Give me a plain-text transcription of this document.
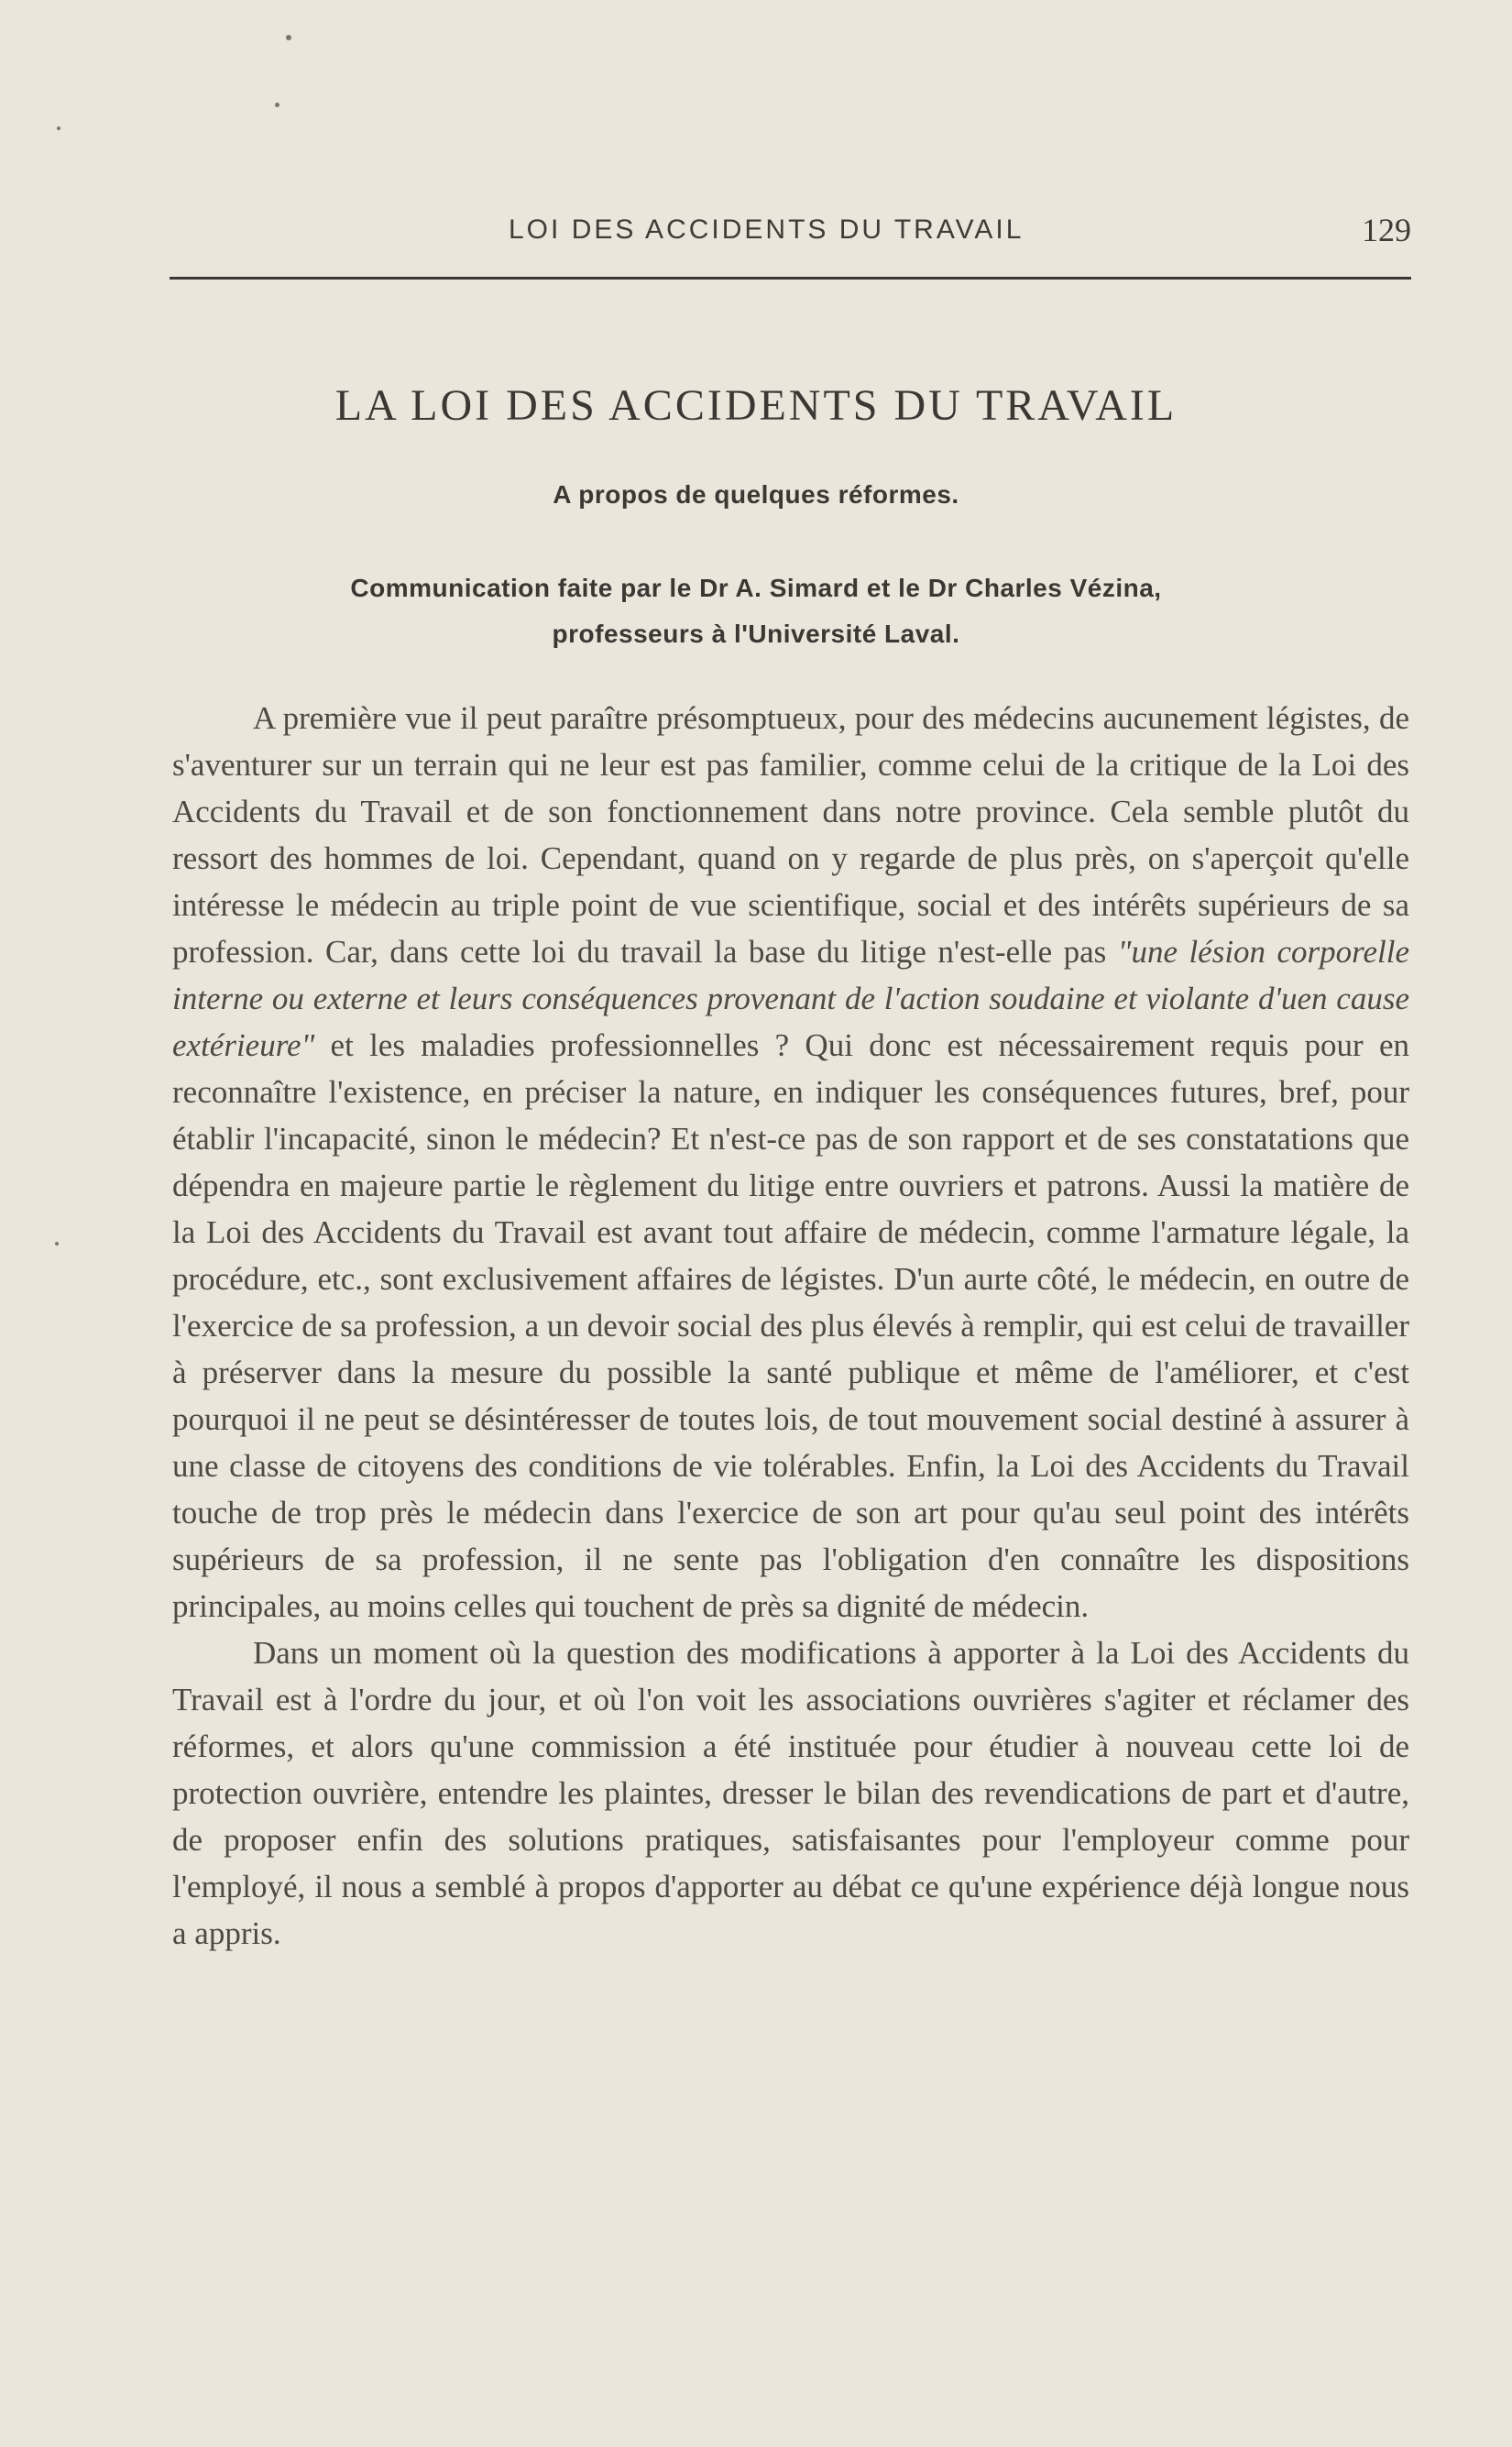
LOI DES ACCIDENTS DU TRAVAIL	129
LA LOI DES ACCIDENTS DU TRAVAIL
A propos de quelques réformes.
Communication faite par le Dr A. Simard et le Dr Charles Vézina,
professeurs à l'Université Laval.

A première vue il peut paraître présomptueux, pour des médecins aucunement légistes, de s'aventurer sur un terrain qui ne leur est pas familier, comme celui de la critique de la Loi des Accidents du Travail et de son fonctionnement dans notre province. Cela semble plutôt du ressort des hommes de loi. Cependant, quand on y regarde de plus près, on s'aperçoit qu'elle intéresse le médecin au triple point de vue scientifique, social et des intérêts supérieurs de sa profession. Car, dans cette loi du travail la base du litige n'est-elle pas "une lésion corporelle interne ou externe et leurs conséquences provenant de l'action soudaine et violante d'uen cause extérieure" et les maladies professionnelles ? Qui donc est nécessairement requis pour en reconnaître l'existence, en préciser la nature, en indiquer les conséquences futures, bref, pour établir l'incapacité, sinon le médecin? Et n'est-ce pas de son rapport et de ses constatations que dépendra en majeure partie le règlement du litige entre ouvriers et patrons. Aussi la matière de la Loi des Accidents du Travail est avant tout affaire de médecin, comme l'armature légale, la procédure, etc., sont exclusivement affaires de légistes. D'un aurte côté, le médecin, en outre de l'exercice de sa profession, a un devoir social des plus élevés à remplir, qui est celui de travailler à préserver dans la mesure du possible la santé publique et même de l'améliorer, et c'est pourquoi il ne peut se désintéresser de toutes lois, de tout mouvement social destiné à assurer à une classe de citoyens des conditions de vie tolérables. Enfin, la Loi des Accidents du Travail touche de trop près le médecin dans l'exercice de son art pour qu'au seul point des intérêts supérieurs de sa profession, il ne sente pas l'obligation d'en connaître les dispositions principales, au moins celles qui touchent de près sa dignité de médecin.

Dans un moment où la question des modifications à apporter à la Loi des Accidents du Travail est à l'ordre du jour, et où l'on voit les associations ouvrières s'agiter et réclamer des réformes, et alors qu'une commission a été instituée pour étudier à nouveau cette loi de protection ouvrière, entendre les plaintes, dresser le bilan des revendications de part et d'autre, de proposer enfin des solutions pratiques, satisfaisantes pour l'employeur comme pour l'employé, il nous a semblé à propos d'apporter au débat ce qu'une expérience déjà longue nous a appris.
